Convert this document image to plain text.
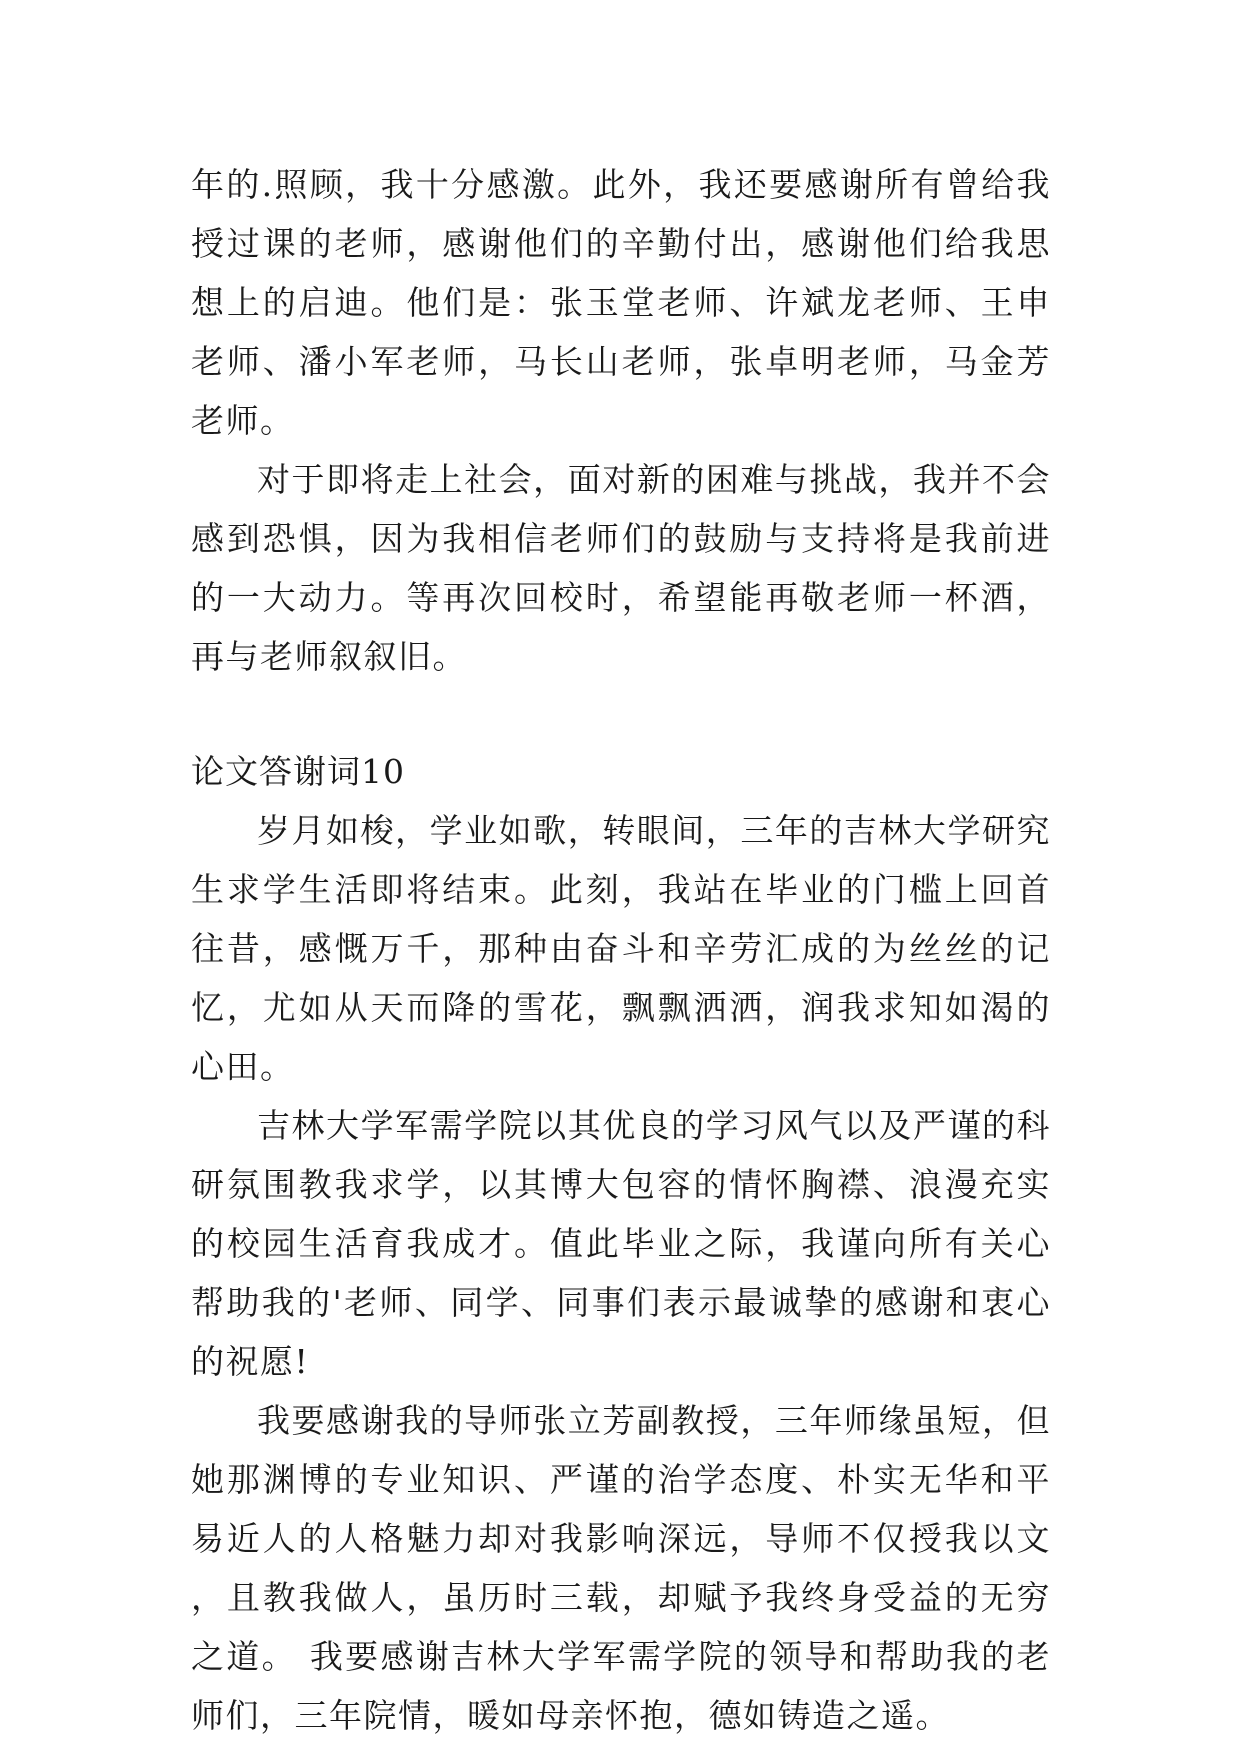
年的.照顾，我十分感激。此外，我还要感谢所有曾给我授过课的老师，感谢他们的辛勤付出，感谢他们给我思想上的启迪。他们是：张玉堂老师、许斌龙老师、王申老师、潘小军老师，马长山老师，张卓明老师，马金芳老师。

对于即将走上社会，面对新的困难与挑战，我并不会感到恐惧，因为我相信老师们的鼓励与支持将是我前进的一大动力。等再次回校时，希望能再敬老师一杯酒，再与老师叙叙旧。

论文答谢词10

岁月如梭，学业如歌，转眼间，三年的吉林大学研究生求学生活即将结束。此刻，我站在毕业的门槛上回首往昔，感慨万千，那种由奋斗和辛劳汇成的为丝丝的记忆，尤如从天而降的雪花，飘飘洒洒，润我求知如渴的心田。

吉林大学军需学院以其优良的学习风气以及严谨的科研氛围教我求学，以其博大包容的情怀胸襟、浪漫充实的校园生活育我成才。值此毕业之际，我谨向所有关心帮助我的'老师、同学、同事们表示最诚挚的感谢和衷心的祝愿!

我要感谢我的导师张立芳副教授，三年师缘虽短，但她那渊博的专业知识、严谨的治学态度、朴实无华和平易近人的人格魅力却对我影响深远，导师不仅授我以文，且教我做人，虽历时三载，却赋予我终身受益的无穷之道。 我要感谢吉林大学军需学院的领导和帮助我的老师们，三年院情，暖如母亲怀抱，德如铸造之遥。
